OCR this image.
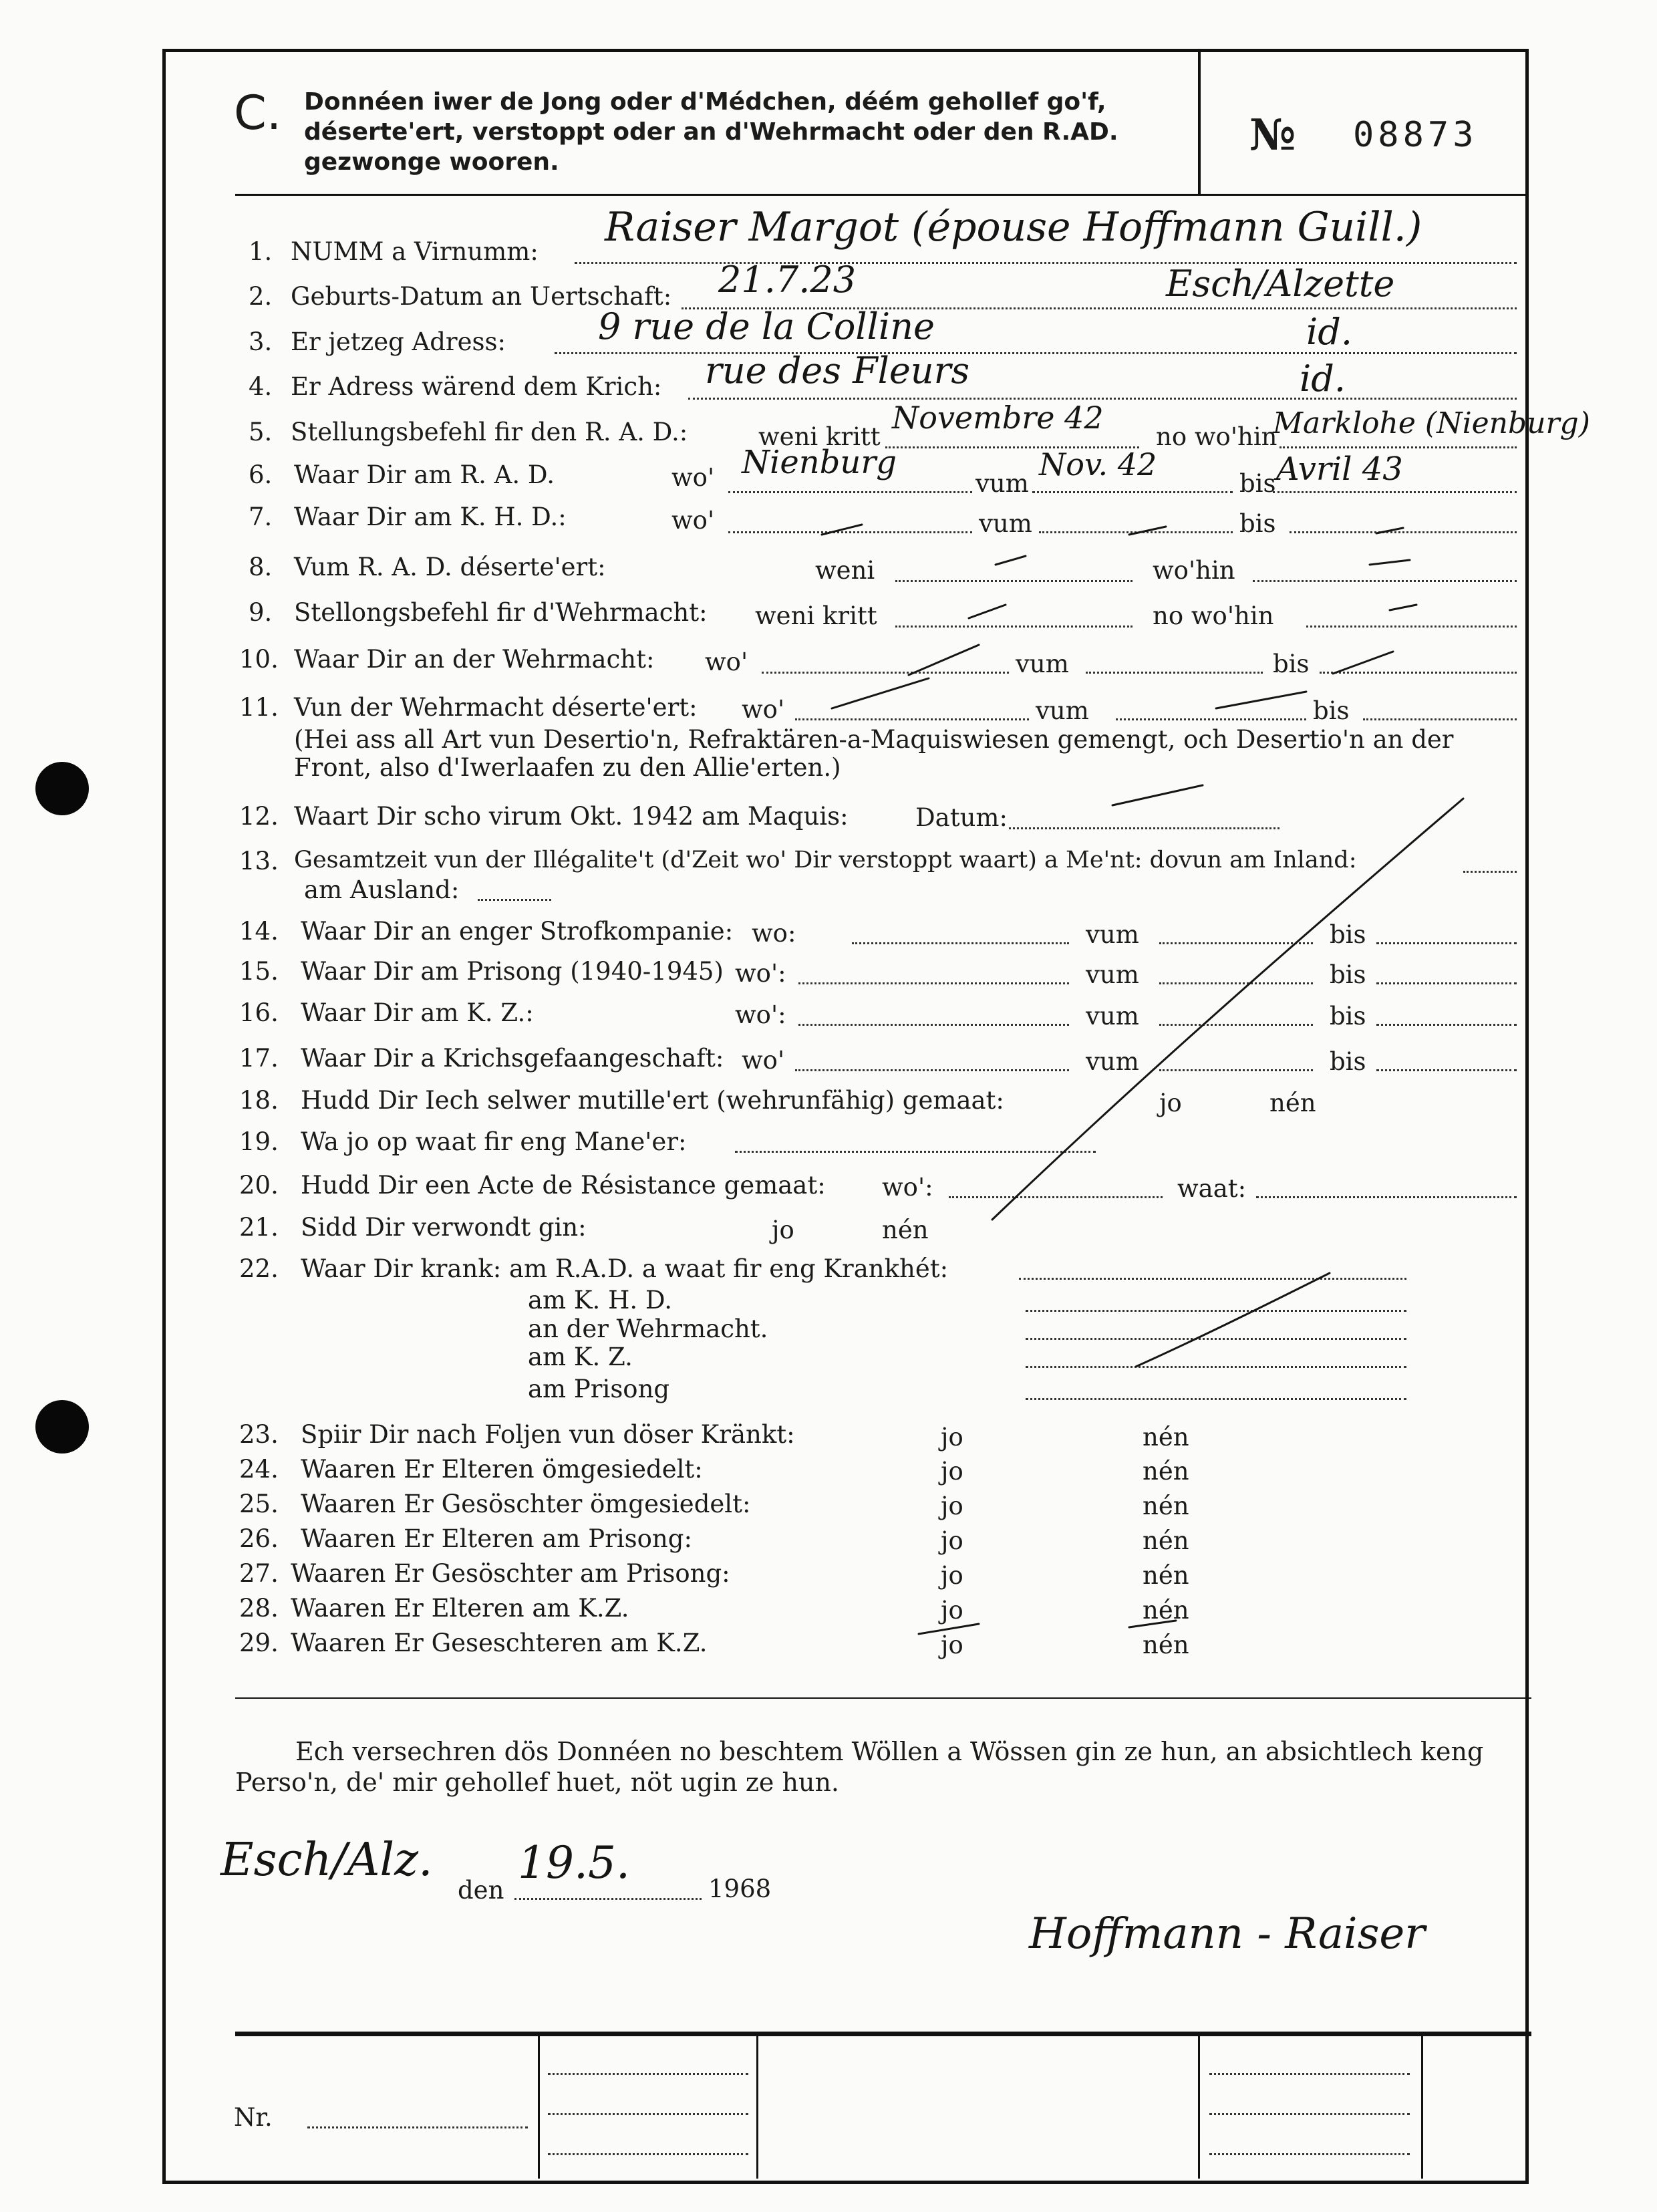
C. Donnéen iwer de Jong oder d'Médchen, déém gehollef go'f, déserte'ert, verstoppt oder an d'Wehrmacht oder den R.AD. gezwonge wooren.
№ 08873
1. NUMM a Virnumm:
Raiser Margot (épouse Hoffmann Guill.)
2. Geburts-Datum an Uertschaft: 21.7.23	Esch/Alzette
3. Er jetzeg Adress:	9 rue de la Colline	id.
4. Er Adress wärend dem Krich: rue des Fleurs	id.
5. Stellungsbefehl fir den R. A. D.:	weni kritt	no wo'hin
Novembre 42	Marklohe (Nienburg)
6. Waar Dir am R. A. D.	wo'	vum	bis
Nienburg	Nov. 42	Avril 43
7. Waar Dir am K. H. D.:	wo'	vum	bis
8. Vum R. A. D. déserte'ert:	weni	wo'hin
9. Stellongsbefehl fir d'Wehrmacht: weni kritt	no wo'hin
10. Waar Dir an der Wehrmacht: wo'	vum	bis
11. Vun der Wehrmacht déserte'ert: wo'	vum	bis
(Hei ass all Art vun Desertio'n, Refraktären-a-Maquiswiesen gemengt, och Desertio'n an der
Front, also d'Iwerlaafen zu den Allie'erten.)
12. Waart Dir scho virum Okt. 1942 am Maquis:	Datum:
13. Gesamtzeit vun der Illégalite't (d'Zeit wo' Dir verstoppt waart) a Me'nt: dovun am Inland:
am Ausland:
14. Waar Dir an enger Strofkompanie: wo:	vum	bis
15. Waar Dir am Prisong (1940-1945) wo':	vum	bis
16. Waar Dir am K. Z.:	wo':	vum	bis
17. Waar Dir a Krichsgefaangeschaft: wo'	vum	bis
18. Hudd Dir Iech selwer mutille'ert (wehrunfähig) gemaat:	jo	nén
19. Wa jo op waat fir eng Mane'er:
20. Hudd Dir een Acte de Résistance gemaat: wo':	waat:
21. Sidd Dir verwondt gin:	jo	nén
22. Waar Dir krank: am R.A.D. a waat fir eng Krankhét:
am K. H. D.
an der Wehrmacht.
am K. Z.
am Prisong
23. Spiir Dir nach Foljen vun döser Kränkt:	jo	nén
24. Waaren Er Elteren ömgesiedelt:	jo	nén
25. Waaren Er Gesöschter ömgesiedelt:	jo	nén
26. Waaren Er Elteren am Prisong:	jo	nén
27. Waaren Er Gesöschter am Prisong:	jo	nén
28. Waaren Er Elteren am K.Z.	jo	nén
29. Waaren Er Geseschteren am K.Z.	jo	nén
Ech versechren dös Donnéen no beschtem Wöllen a Wössen gin ze hun, an absichtlech keng
Perso'n, de' mir gehollef huet, nöt ugin ze hun.
Esch/Alz.
den
19.5.
1968
Hoffmann - Raiser
Nr.
